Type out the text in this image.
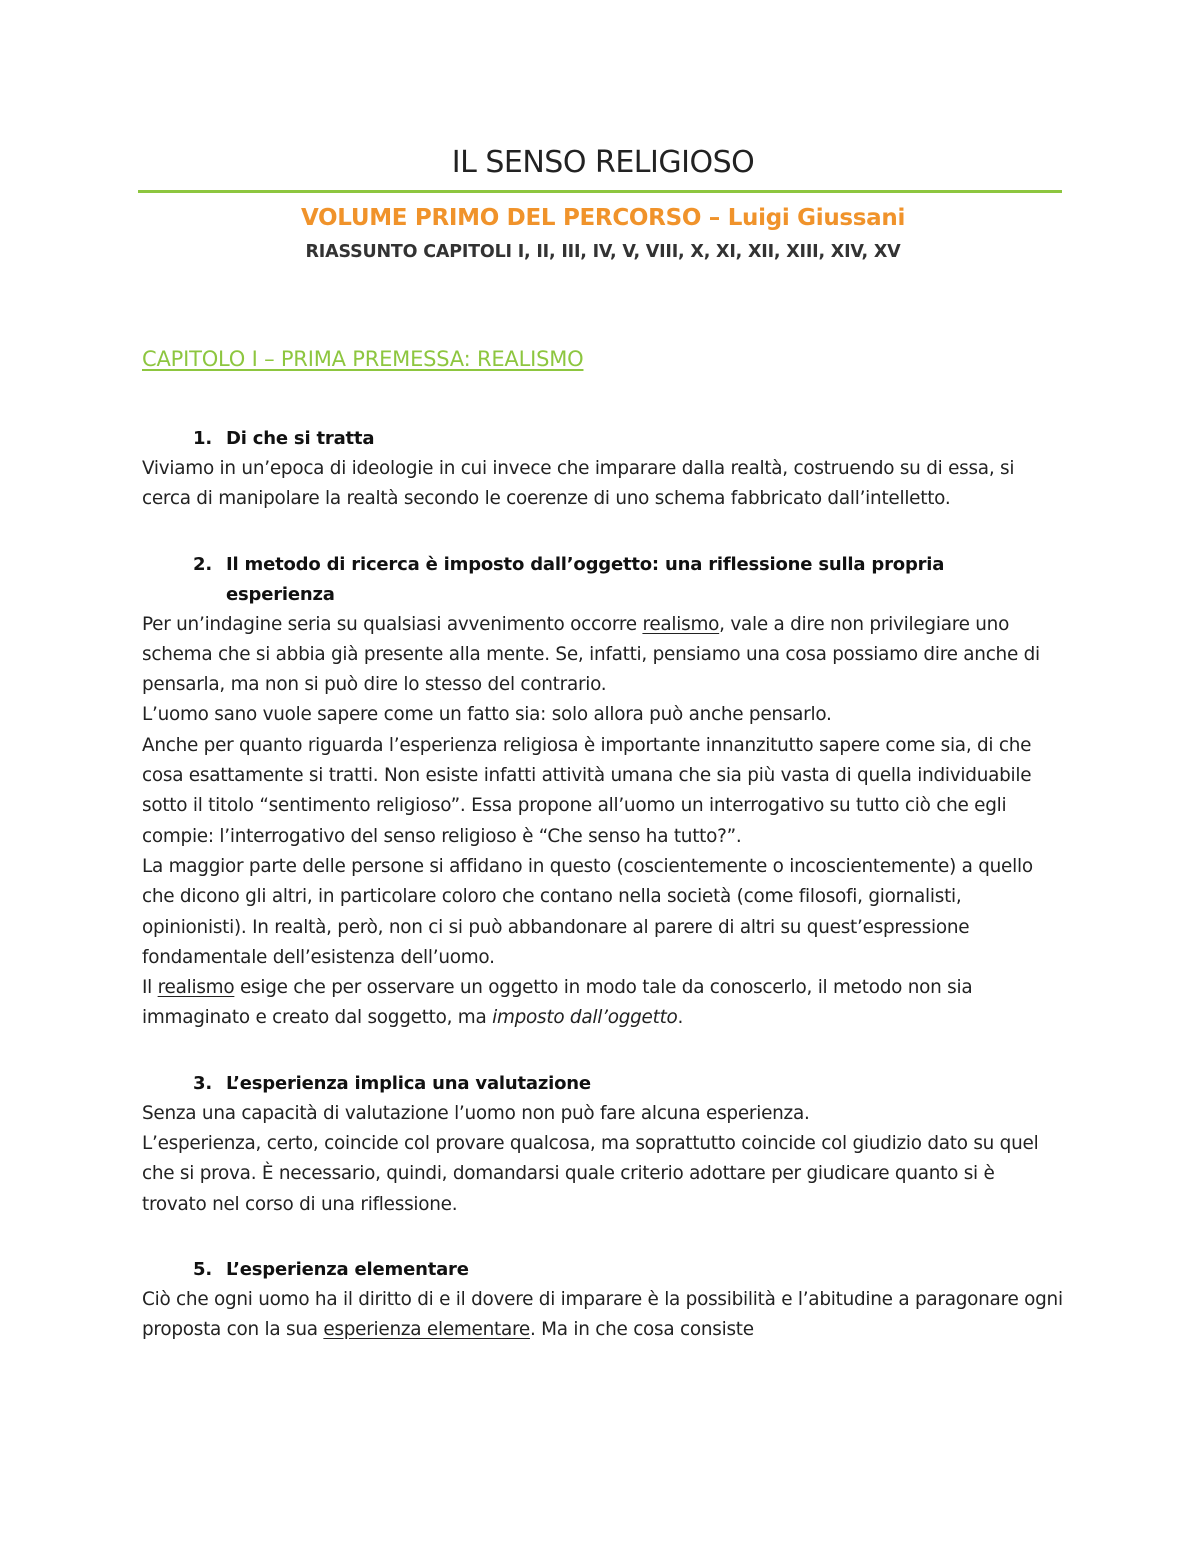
IL SENSO RELIGIOSO
VOLUME PRIMO DEL PERCORSO – Luigi Giussani
RIASSUNTO CAPITOLI I, II, III, IV, V, VIII, X, XI, XII, XIII, XIV, XV
CAPITOLO I – PRIMA PREMESSA: REALISMO
1. Di che si tratta

Viviamo in un’epoca di ideologie in cui invece che imparare dalla realtà, costruendo su di essa, si cerca di manipolare la realtà secondo le coerenze di uno schema fabbricato dall’intelletto.

2. Il metodo di ricerca è imposto dall’oggetto: una riflessione sulla propria esperienza

Per un’indagine seria su qualsiasi avvenimento occorre realismo, vale a dire non privilegiare uno schema che si abbia già presente alla mente. Se, infatti, pensiamo una cosa possiamo dire anche di pensarla, ma non si può dire lo stesso del contrario.

L’uomo sano vuole sapere come un fatto sia: solo allora può anche pensarlo.

Anche per quanto riguarda l’esperienza religiosa è importante innanzitutto sapere come sia, di che cosa esattamente si tratti. Non esiste infatti attività umana che sia più vasta di quella individuabile sotto il titolo “sentimento religioso”. Essa propone all’uomo un interrogativo su tutto ciò che egli compie: l’interrogativo del senso religioso è “Che senso ha tutto?”.

La maggior parte delle persone si affidano in questo (coscientemente o incoscientemente) a quello che dicono gli altri, in particolare coloro che contano nella società (come filosofi, giornalisti, opinionisti). In realtà, però, non ci si può abbandonare al parere di altri su quest’espressione fondamentale dell’esistenza dell’uomo.

Il realismo esige che per osservare un oggetto in modo tale da conoscerlo, il metodo non sia immaginato e creato dal soggetto, ma imposto dall’oggetto.

3. L’esperienza implica una valutazione

Senza una capacità di valutazione l’uomo non può fare alcuna esperienza.

L’esperienza, certo, coincide col provare qualcosa, ma soprattutto coincide col giudizio dato su quel che si prova. È necessario, quindi, domandarsi quale criterio adottare per giudicare quanto si è trovato nel corso di una riflessione.

5. L’esperienza elementare

Ciò che ogni uomo ha il diritto di e il dovere di imparare è la possibilità e l’abitudine a paragonare ogni proposta con la sua esperienza elementare. Ma in che cosa consiste
